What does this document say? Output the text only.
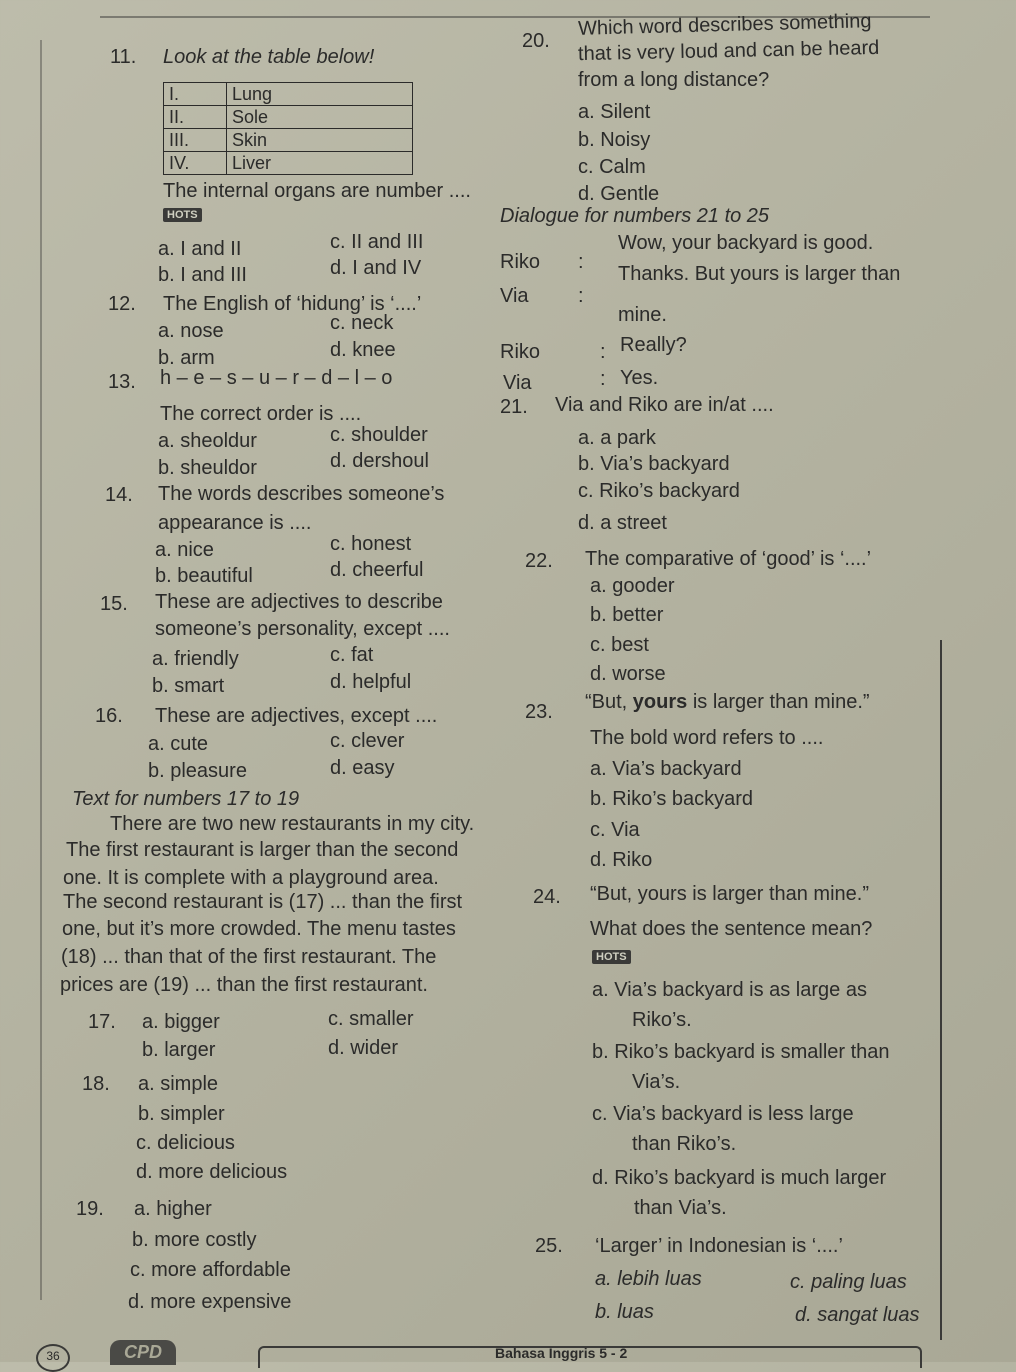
11. Look at the table below!
I.	Lung
II.	Sole
III.	Skin
IV.	Liver
The internal organs are number ....
HOTS
a. I and II	c. II and III
b. I and III	d. I and IV
12. The English of ‘hidung’ is ‘....’
a. nose	c. neck
b. arm	d. knee
13. h – e – s – u – r – d – l – o
The correct order is ....
a. sheoldur	c. shoulder
b. sheuldor	d. dershoul
14. The words describes someone’s
appearance is ....
a. nice	c. honest
b. beautiful	d. cheerful
15. These are adjectives to describe
someone’s personality, except ....
a. friendly	c. fat
b. smart	d. helpful
16. These are adjectives, except ....
a. cute	c. clever
b. pleasure	d. easy
Text for numbers 17 to 19
There are two new restaurants in my city.
The first restaurant is larger than the second
one. It is complete with a playground area.
The second restaurant is (17) ... than the first
one, but it’s more crowded. The menu tastes
(18) ... than that of the first restaurant. The
prices are (19) ... than the first restaurant.
17. a. bigger	c. smaller
b. larger	d. wider
18. a. simple
b. simpler
c. delicious
d. more delicious
19. a. higher
b. more costly
c. more affordable
d. more expensive
20.
Which word describes something
that is very loud and can be heard
from a long distance?
a. Silent
b. Noisy
c. Calm
d. Gentle
Dialogue for numbers 21 to 25
Riko :
Wow, your backyard is good.
Via :
Thanks. But yours is larger than
mine.
Riko	: Really?
Via	: Yes.
21. Via and Riko are in/at ....
a. a park
b. Via’s backyard
c. Riko’s backyard
d. a street
22. The comparative of ‘good’ is ‘....’
a. gooder
b. better
c. best
d. worse
23. “But, yours is larger than mine.”
The bold word refers to ....
a. Via’s backyard
b. Riko’s backyard
c. Via
d. Riko
24. “But, yours is larger than mine.”
What does the sentence mean?
HOTS
a. Via’s backyard is as large as
Riko’s.
b. Riko’s backyard is smaller than
Via’s.
c. Via’s backyard is less large
than Riko’s.
d. Riko’s backyard is much larger
than Via’s.
25. ‘Larger’ in Indonesian is ‘....’
a. lebih luas	c. paling luas
b. luas	d. sangat luas
36	CPD	Bahasa Inggris 5 - 2
